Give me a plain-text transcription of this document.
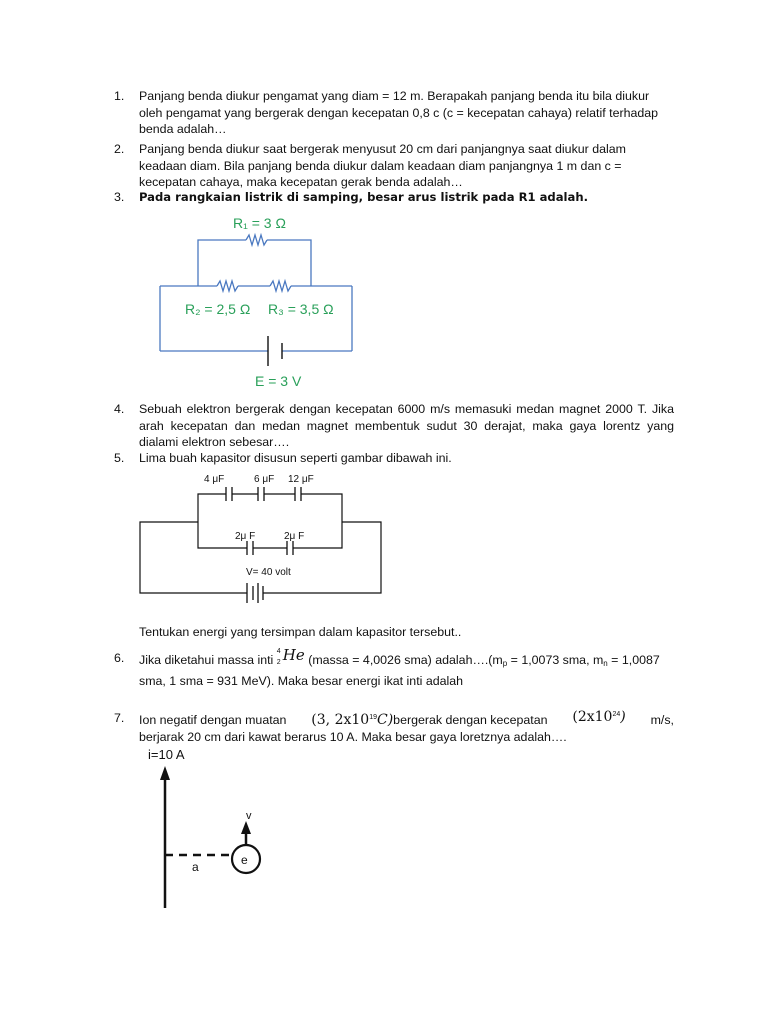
1. Panjang benda diukur pengamat yang diam = 12 m. Berapakah panjang benda itu bila diukur oleh pengamat yang bergerak dengan kecepatan 0,8 c (c = kecepatan cahaya) relatif terhadap benda adalah…
2. Panjang benda diukur saat bergerak menyusut 20 cm dari panjangnya saat diukur dalam keadaan diam. Bila panjang benda diukur dalam keadaan diam panjangnya 1 m dan c = kecepatan cahaya, maka kecepatan gerak benda adalah…
3. Pada rangkaian listrik di samping, besar arus listrik pada R1 adalah.
R₁ = 3 Ω
R₂ = 2,5 Ω R₃ = 3,5 Ω
E = 3 V
4. Sebuah elektron bergerak dengan kecepatan 6000 m/s memasuki medan magnet 2000 T. Jika arah kecepatan dan medan magnet membentuk sudut 30 derajat, maka gaya lorentz yang dialami elektron sebesar….
5. Lima buah kapasitor disusun seperti gambar dibawah ini.
4 μF	6 μF 12 μF
2μ F	2μ F
V= 40 volt
Tentukan energi yang tersimpan dalam kapasitor tersebut..
6. Jika diketahui massa inti
4
2 He (massa = 4,0026 sma) $adalah\dots.(m_p = 1,0073$ sma, $m_n = 1,0087$
sma, 1 sma = 931 MeV). Maka besar energi ikat inti adalah
7. Ion negatif dengan muatan (3, $2x10^{19}C)bergerak$ dengan kecepatan $(2x10^{24})$ m/s,
berjarak 20 cm dari kawat berarus 10 A. Maka besar gaya loretznya adalah….
i=10 A
a	e
v
